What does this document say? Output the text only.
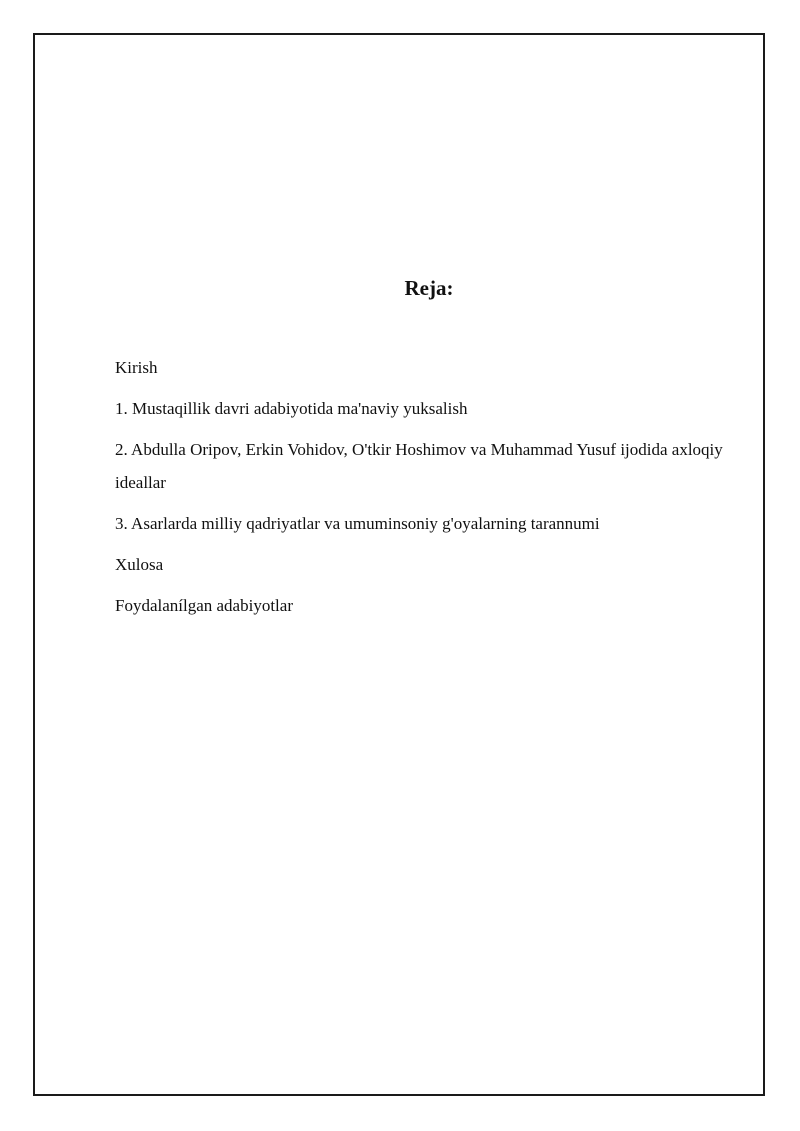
Reja:
Kirish
1. Mustaqillik davri adabiyotida ma'naviy yuksalish
2. Abdulla Oripov, Erkin Vohidov, O'tkir Hoshimov va Muhammad Yusuf ijodida axloqiy ideallar
3. Asarlarda milliy qadriyatlar va umuminsoniy g'oyalarning tarannumi
Xulosa
Foydalanílgan adabiyotlar
